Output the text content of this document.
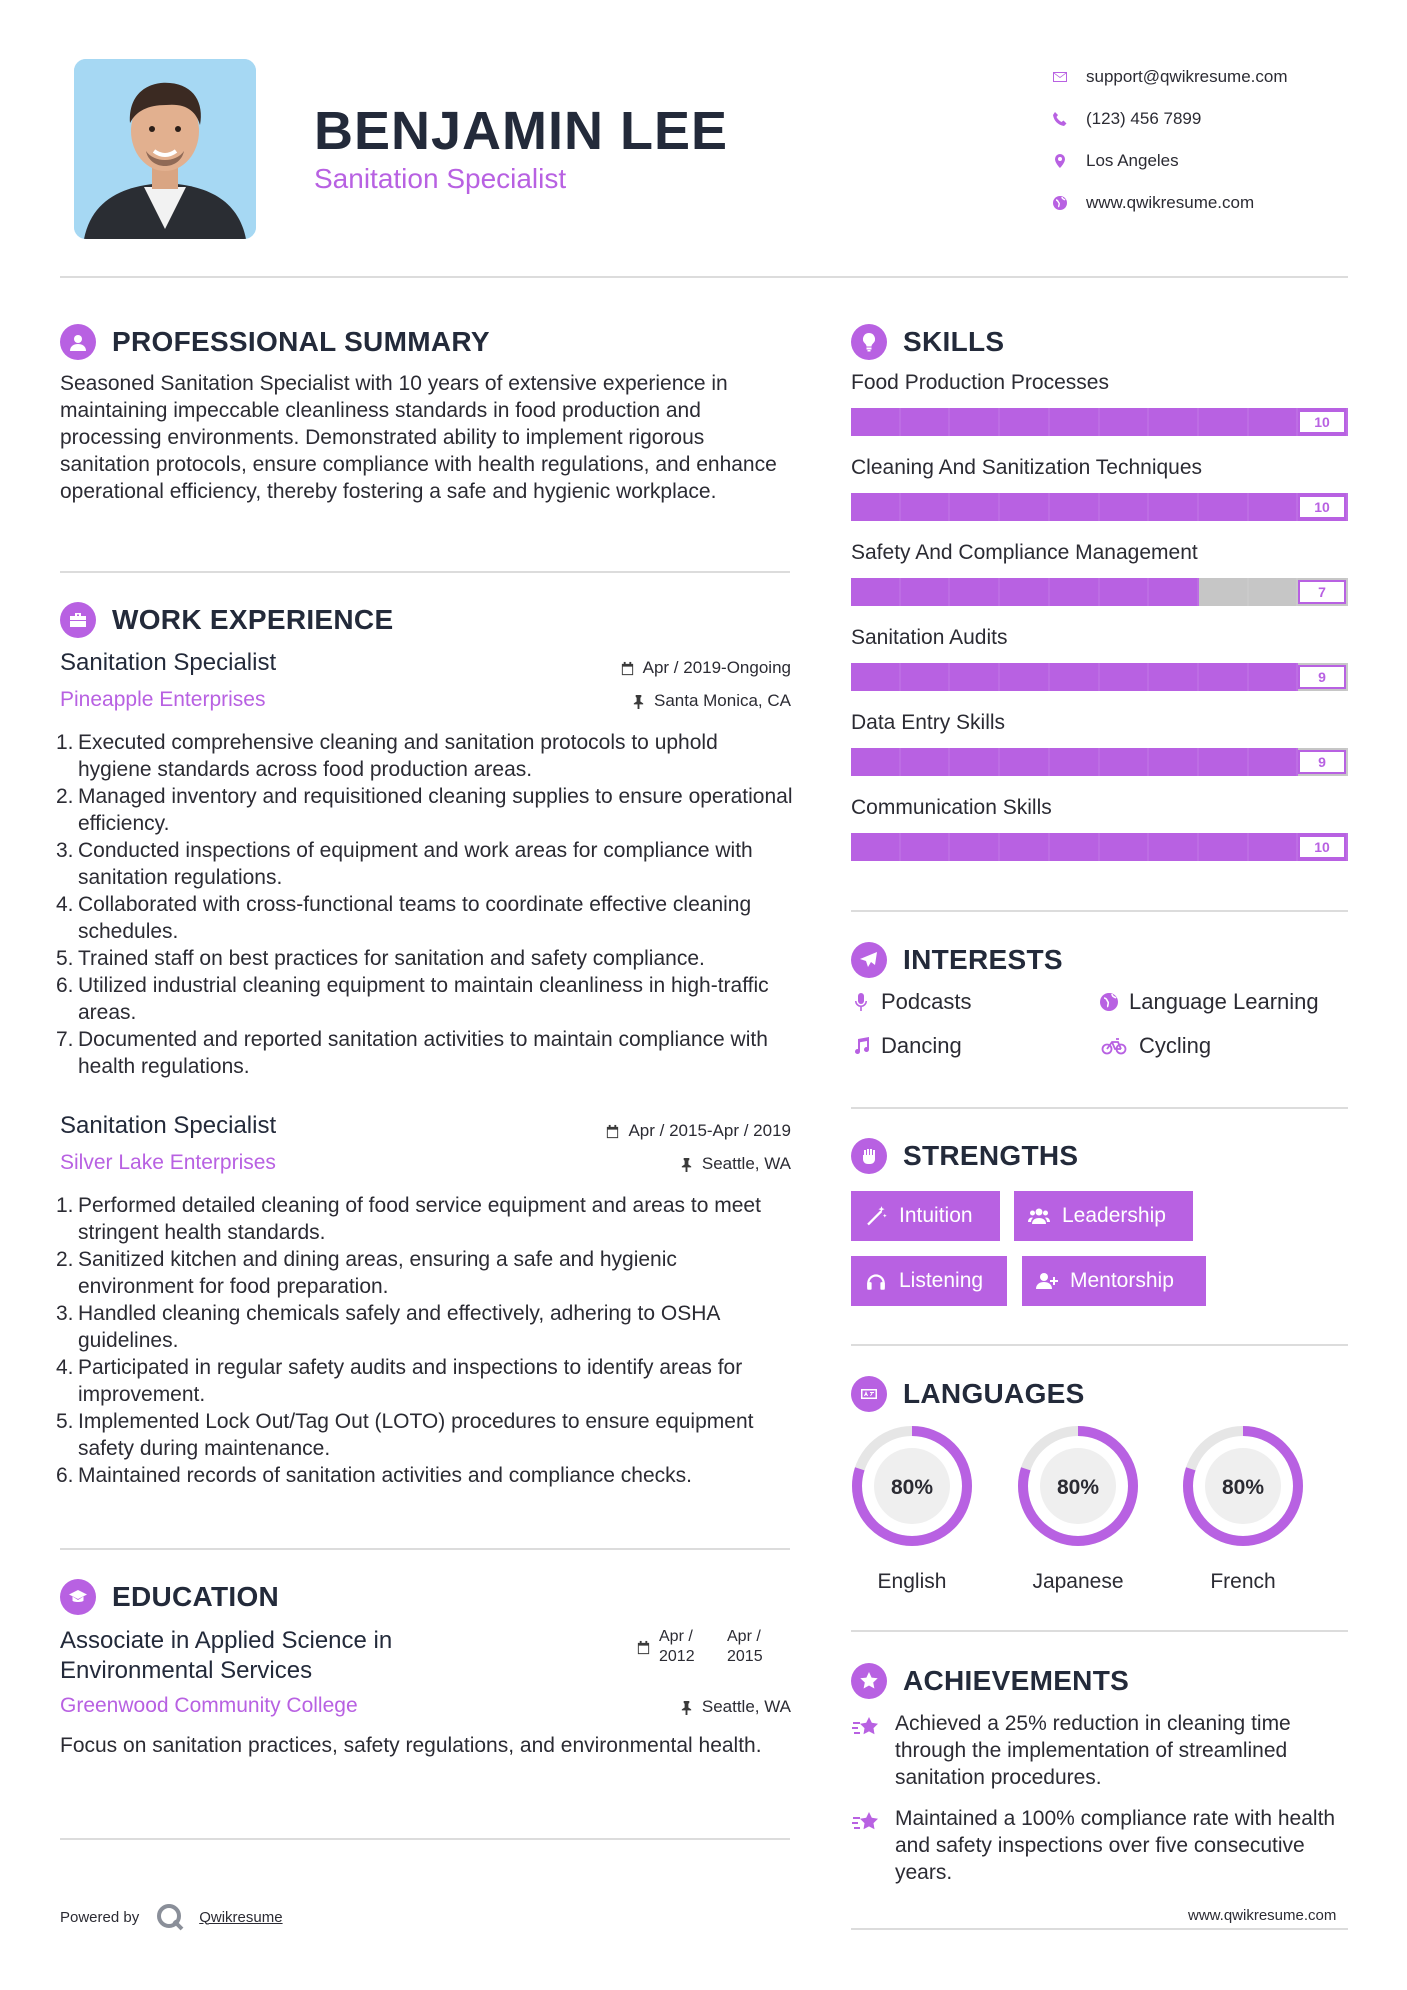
BENJAMIN LEE
Sanitation Specialist
support@qwikresume.com
(123) 456 7899
Los Angeles
www.qwikresume.com
PROFESSIONAL SUMMARY
Seasoned Sanitation Specialist with 10 years of extensive experience in maintaining impeccable cleanliness standards in food production and processing environments. Demonstrated ability to implement rigorous sanitation protocols, ensure compliance with health regulations, and enhance operational efficiency, thereby fostering a safe and hygienic workplace.
WORK EXPERIENCE
Sanitation Specialist
Pineapple Enterprises
Apr / 2019-Ongoing
Santa Monica, CA
1. Executed comprehensive cleaning and sanitation protocols to uphold hygiene standards across food production areas.
2. Managed inventory and requisitioned cleaning supplies to ensure operational efficiency.
3. Conducted inspections of equipment and work areas for compliance with sanitation regulations.
4. Collaborated with cross-functional teams to coordinate effective cleaning schedules.
5. Trained staff on best practices for sanitation and safety compliance.
6. Utilized industrial cleaning equipment to maintain cleanliness in high-traffic areas.
7. Documented and reported sanitation activities to maintain compliance with health regulations.
Sanitation Specialist
Silver Lake Enterprises
Apr / 2015-Apr / 2019
Seattle, WA
1. Performed detailed cleaning of food service equipment and areas to meet stringent health standards.
2. Sanitized kitchen and dining areas, ensuring a safe and hygienic environment for food preparation.
3. Handled cleaning chemicals safely and effectively, adhering to OSHA guidelines.
4. Participated in regular safety audits and inspections to identify areas for improvement.
5. Implemented Lock Out/Tag Out (LOTO) procedures to ensure equipment safety during maintenance.
6. Maintained records of sanitation activities and compliance checks.
EDUCATION
Associate in Applied Science in Environmental Services
Apr / 2012
Apr / 2015
Greenwood Community College	Seattle, WA
Focus on sanitation practices, safety regulations, and environmental health.
Powered by	Qwikresume	www.qwikresume.com
SKILLS
Food Production Processes
10
Cleaning And Sanitization Techniques
10
Safety And Compliance Management
7
Sanitation Audits
9
Data Entry Skills
9
Communication Skills
10
INTERESTS
Podcasts	Language Learning
Dancing	Cycling
STRENGTHS
Intuition	Leadership
Listening	Mentorship
LANGUAGES
80%
English
80%
Japanese
80%
French
ACHIEVEMENTS
Achieved a 25% reduction in cleaning time through the implementation of streamlined sanitation procedures.
Maintained a 100% compliance rate with health and safety inspections over five consecutive years.
